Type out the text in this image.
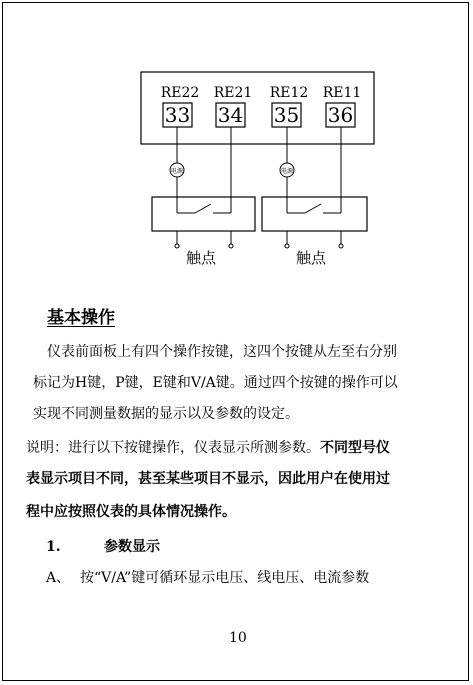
RE22 RE21 RE12 RE11
33 34 35 36
电源	电源
触点	触点
基本操作
仪表前面板上有四个操作按键，这四个按键从左至右分别
标记为H键，P键，E键和V/A键。通过四个按键的操作可以
实现不同测量数据的显示以及参数的设定。
说明：进行以下按键操作，仪表显示所测参数。不同型号仪
表显示项目不同，甚至某些项目不显示，因此用户在使用过
程中应按照仪表的具体情况操作。
1.	参数显示
A、 按“V/A”键可循环显示电压、线电压、电流参数
10
